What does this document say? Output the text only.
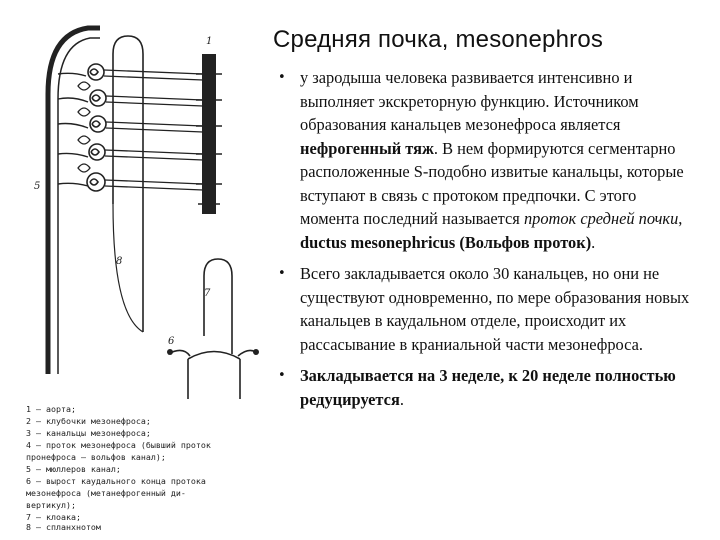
1
5
8
7
6
1 — аорта;
2 — клубочки мезонефроса;
3 — канальцы мезонефроса;
4 — проток мезонефроса (бывший проток
пронефроса — вольфов канал);
5 — мюллеров канал;
6 — вырост каудального конца протока
мезонефроса (метанефрогенный ди-
вертикул);
7 — клоака;
8 — спланхнотом
Средняя почка, mesonephros
• у зародыша человека развивается интенсивно и выполняет экскреторную функцию. Источником образования канальцев мезонефроса является нефрогенный тяж. В нем формируются сегментарно расположенные S-подобно извитые канальцы, которые вступают в связь с протоком предпочки. С этого момента последний называется проток средней почки, ductus mesonephricus (Вольфов проток).
• Всего закладывается около 30 канальцев, но они не существуют одновременно, по мере образования новых канальцев в каудальном отделе, происходит их рассасывание в краниальной части мезонефроса.
• Закладывается на 3 неделе, к 20 неделе полностью редуцируется.
